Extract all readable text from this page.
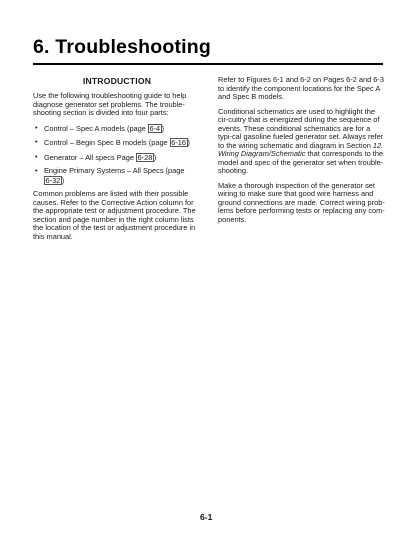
6. Troubleshooting
INTRODUCTION

Use the following troubleshooting guide to help diagnose generator set problems. The trouble-shooting section is divided into four parts:

• Control – Spec A models (page 6-4 )
• Control – Begin Spec B models (page 6-16 )
• Generator – All specs Page 6-28 )
• Engine Primary Systems – All Specs (page 6-32 )

Common problems are listed with their possible causes. Refer to the Corrective Action column for the appropriate test or adjustment procedure. The section and page number in the right column lists the location of the test or adjustment procedure in this manual.

Refer to Figures 6-1 and 6-2 on Pages 6-2 and 6-3 to identify the component locations for the Spec A and Spec B models.

Conditional schematics are used to highlight the cir-cuitry that is energized during the sequence of events. These conditional schematics are for a typi-cal gasoline fueled generator set. Always refer to the wiring schematic and diagram in Section 12. Wiring Diagram/Schematic that corresponds to the model and spec of the generator set when trouble-shooting.

Make a thorough inspection of the generator set wiring to make sure that good wire harness and ground connections are made. Correct wiring prob-lems before performing tests or replacing any com-ponents.

6-1
